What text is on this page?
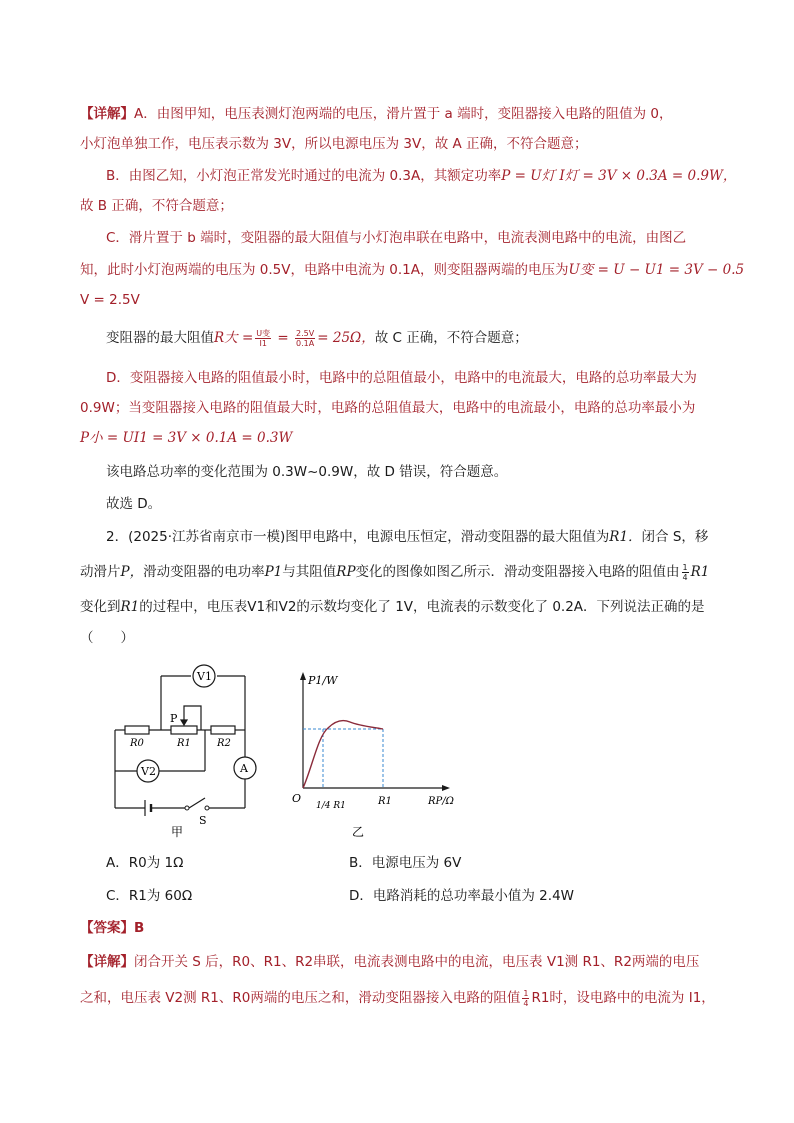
【详解】A．由图甲知，电压表测灯泡两端的电压，滑片置于 a 端时，变阻器接入电路的阻值为 0，
小灯泡单独工作，电压表示数为 3V，所以电源电压为 3V，故 A 正确，不符合题意；
B．由图乙知，小灯泡正常发光时通过的电流为 0.3A，其额定功率P = U灯 I灯 = 3V × 0.3A = 0.9W，
故 B 正确，不符合题意；
C．滑片置于 b 端时，变阻器的最大阻值与小灯泡串联在电路中，电流表测电路中的电流，由图乙
知，此时小灯泡两端的电压为 0.5V，电路中电流为 0.1A，则变阻器两端的电压为U变 = U − U1 = 3V − 0.5
V = 2.5V
变阻器的最大阻值R大 = $\frac{\text{U变}}{I1} = \frac{2.5V}{0.1A} = 25\Omega$，故 C 正确，不符合题意；
D．变阻器接入电路的阻值最小时，电路中的总阻值最小，电路中的电流最大，电路的总功率最大为
0.9W；当变阻器接入电路的阻值最大时，电路的总阻值最大，电路中的电流最小，电路的总功率最小为
P小 = UI1 = 3V × 0.1A = 0.3W
该电路总功率的变化范围为 0.3W~0.9W，故 D 错误，符合题意。
故选 D。
2．(2025·江苏省南京市一模)图甲电路中，电源电压恒定，滑动变阻器的最大阻值为R1．闭合 S，移
动滑片P，滑动变阻器的电功率P1与其阻值RP变化的图像如图乙所示．滑动变阻器接入电路的阻值由 $\frac{1}{4} R1$
变化到R1的过程中，电压表V1和V2的示数均变化了 1V，电流表的示数变化了 0.2A．下列说法正确的是
（　　）
V1
V2	A
P
R0	R1	R2
S
甲
P1/W
RP/Ω
O
1/4 R1	R1
乙
A．R0为 1Ω	B．电源电压为 6V
C．R1为 60Ω	D．电路消耗的总功率最小值为 2.4W
【答案】B
【详解】闭合开关 S 后，R0、R1、R2串联，电流表测电路中的电流，电压表 V1测 R1、R2两端的电压
之和，电压表 V2测 R1、R0两端的电压之和，滑动变阻器接入电路的阻值 $\frac{1}{4} R1$时，设电路中的电流为 I1，
